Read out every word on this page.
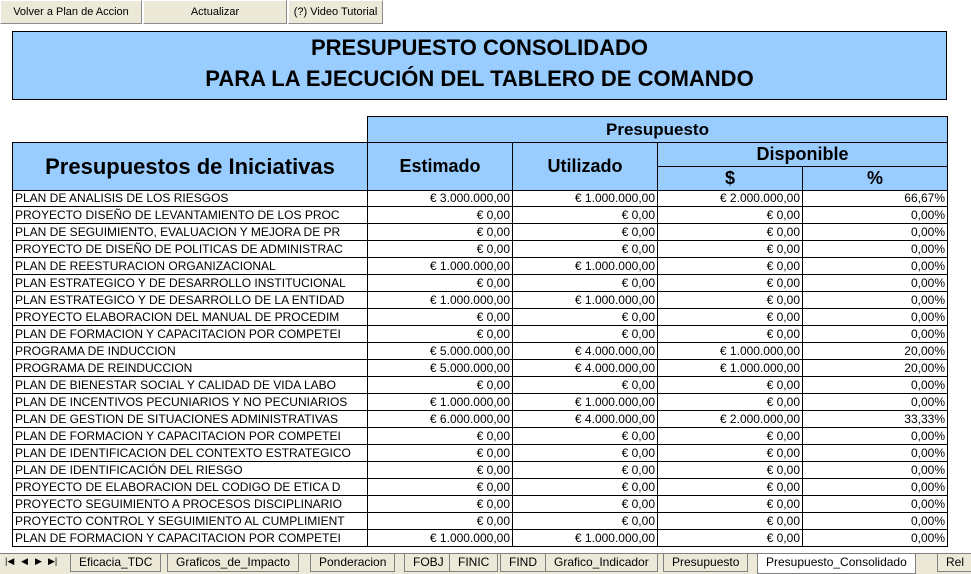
Volver a Plan de Accion	Actualizar	(?) Video Tutorial
PRESUPUESTO CONSOLIDADO
PARA LA EJECUCIÓN DEL TABLERO DE COMANDO
Presupuesto
Presupuestos de Iniciativas	Estimado	Utilizado
Disponible
$	%
PLAN DE ANALISIS DE LOS RIESGOS	€ 3.000.000,00	€ 1.000.000,00	€ 2.000.000,00	66,67%
PROYECTO DISEÑO DE LEVANTAMIENTO DE LOS PROC	€ 0,00	€ 0,00	€ 0,00	0,00%
PLAN DE SEGUIMIENTO, EVALUACION Y MEJORA DE PR	€ 0,00	€ 0,00	€ 0,00	0,00%
PROYECTO DE DISEÑO DE POLITICAS DE ADMINISTRAC	€ 0,00	€ 0,00	€ 0,00	0,00%
PLAN DE REESTURACION ORGANIZACIONAL	€ 1.000.000,00	€ 1.000.000,00	€ 0,00	0,00%
PLAN ESTRATEGICO Y DE DESARROLLO INSTITUCIONAL	€ 0,00	€ 0,00	€ 0,00	0,00%
PLAN ESTRATEGICO Y DE DESARROLLO DE LA ENTIDAD	€ 1.000.000,00	€ 1.000.000,00	€ 0,00	0,00%
PROYECTO ELABORACION DEL MANUAL DE PROCEDIM	€ 0,00	€ 0,00	€ 0,00	0,00%
PLAN DE FORMACION Y CAPACITACION POR COMPETEI	€ 0,00	€ 0,00	€ 0,00	0,00%
PROGRAMA DE INDUCCION	€ 5.000.000,00	€ 4.000.000,00	€ 1.000.000,00	20,00%
PROGRAMA DE REINDUCCION	€ 5.000.000,00	€ 4.000.000,00	€ 1.000.000,00	20,00%
PLAN DE BIENESTAR SOCIAL Y CALIDAD DE VIDA LABO	€ 0,00	€ 0,00	€ 0,00	0,00%
PLAN DE INCENTIVOS PECUNIARIOS Y NO PECUNIARIOS	€ 1.000.000,00	€ 1.000.000,00	€ 0,00	0,00%
PLAN DE GESTION DE SITUACIONES ADMINISTRATIVAS	€ 6.000.000,00	€ 4.000.000,00	€ 2.000.000,00	33,33%
PLAN DE FORMACION Y CAPACITACION POR COMPETEI	€ 0,00	€ 0,00	€ 0,00	0,00%
PLAN DE IDENTIFICACION DEL CONTEXTO ESTRATEGICO	€ 0,00	€ 0,00	€ 0,00	0,00%
PLAN DE IDENTIFICACIÓN DEL RIESGO	€ 0,00	€ 0,00	€ 0,00	0,00%
PROYECTO DE ELABORACION DEL CODIGO DE ETICA D	€ 0,00	€ 0,00	€ 0,00	0,00%
PROYECTO SEGUIMIENTO A PROCESOS DISCIPLINARIO	€ 0,00	€ 0,00	€ 0,00	0,00%
PROYECTO CONTROL Y SEGUIMIENTO AL CUMPLIMIENT	€ 0,00	€ 0,00	€ 0,00	0,00%
PLAN DE FORMACION Y CAPACITACION POR COMPETEI	€ 1.000.000,00	€ 1.000.000,00	€ 0,00	0,00%
|◀ ◀ ▶ ▶|	Eficacia_TDC	Graficos_de_Impacto	Ponderacion	FOBJ	FINIC	FIND	Grafico_Indicador	Presupuesto	Presupuesto_Consolidado	Rel
